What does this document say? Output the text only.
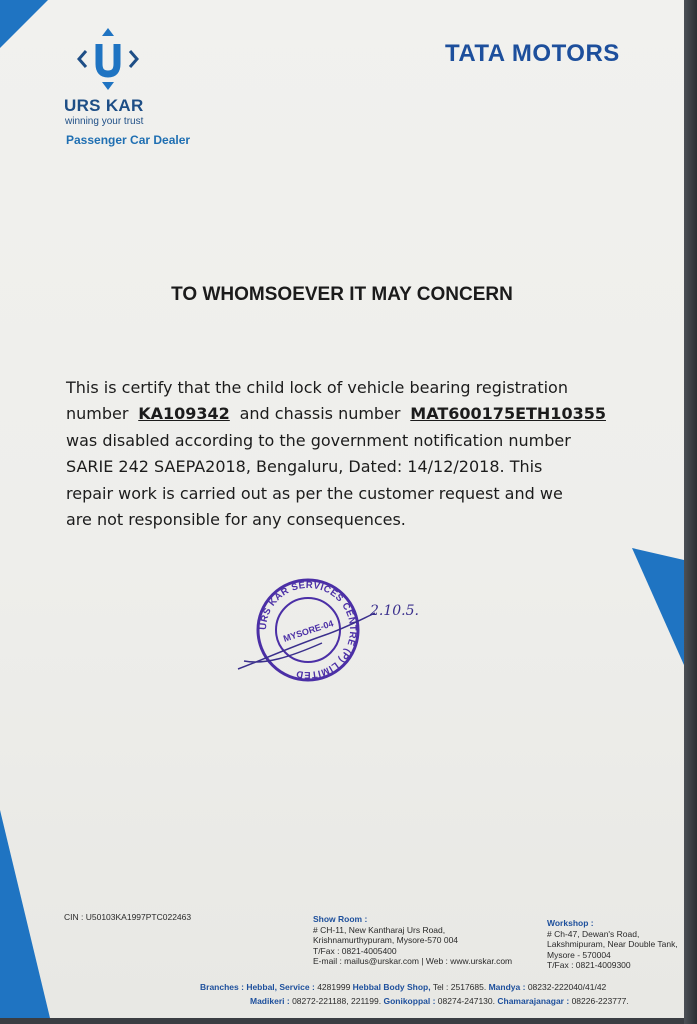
URS KAR
winning your trust
Passenger Car Dealer
TATA MOTORS
TO WHOMSOEVER IT MAY CONCERN
This is certify that the child lock of vehicle bearing registration
number KA109342 and chassis number MAT600175ETH10355
was disabled according to the government notification number
SARIE 242 SAEPA2018, Bengaluru, Dated: 14/12/2018. This
repair work is carried out as per the customer request and we
are not responsible for any consequences.
URS KAR SERVICES CENTRE (P) LIMITED
MYSORE-04
2.10.5.
CIN : U50103KA1997PTC022463	Show Room :
# CH-11, New Kantharaj Urs Road,
Krishnamurthypuram, Mysore-570 004
T/Fax : 0821-4005400
E-mail : mailus@urskar.com | Web : www.urskar.com
Workshop :
# Ch-47, Dewan's Road,
Lakshmipuram, Near Double Tank,
Mysore - 570004
T/Fax : 0821-4009300
Branches : Hebbal, Service : 4281999 Hebbal Body Shop, Tel : 2517685. Mandya : 08232-222040/41/42
Madikeri : 08272-221188, 221199. Gonikoppal : 08274-247130. Chamarajanagar : 08226-223777.
